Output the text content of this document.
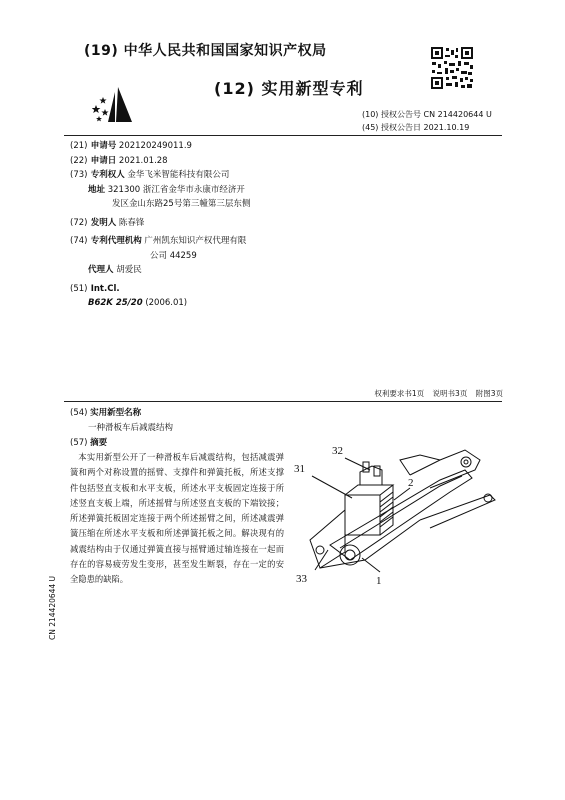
(19) 中华人民共和国国家知识产权局
(12) 实用新型专利
(10) 授权公告号 CN 214420644 U
(45) 授权公告日 2021.10.19
(21) 申请号 202120249011.9
(22) 申请日 2021.01.28
(73) 专利权人 金华飞米智能科技有限公司
地址 321300 浙江省金华市永康市经济开
发区金山东路25号第三幢第三层东侧
(72) 发明人 陈春锋
(74) 专利代理机构 广州凯东知识产权代理有限
公司 44259
代理人 胡爱民
(51) Int.Cl.
B62K 25/20 (2006.01)
权利要求书1页 说明书3页 附图3页
(54) 实用新型名称
一种滑板车后减震结构
(57) 摘要
本实用新型公开了一种滑板车后减震结构，包括减震弹簧和两个对称设置的摇臂、支撑件和弹簧托板，所述支撑件包括竖直支板和水平支板，所述水平支板固定连接于所述竖直支板上端，所述摇臂与所述竖直支板的下端铰接；所述弹簧托板固定连接于两个所述摇臂之间，所述减震弹簧压缩在所述水平支板和所述弹簧托板之间。解决现有的减震结构由于仅通过弹簧直接与摇臂通过轴连接在一起而存在的容易疲劳发生变形，甚至发生断裂，存在一定的安全隐患的缺陷。
32
31
2
33	1
CN 214420644 U
